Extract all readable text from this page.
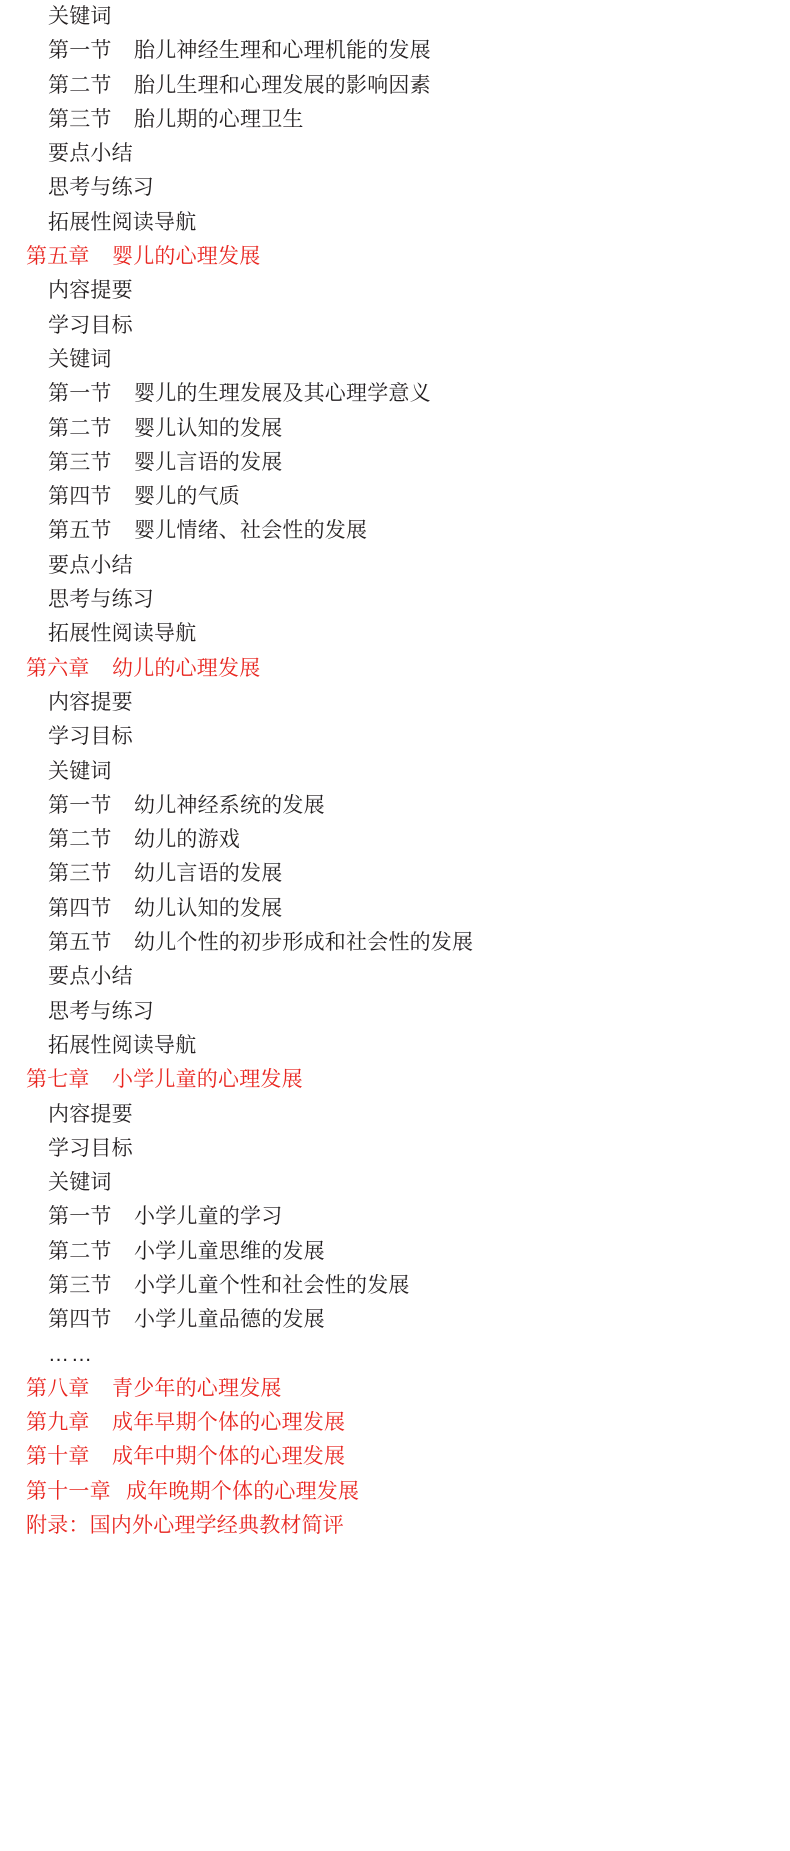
关键词
第一节 胎儿神经生理和心理机能的发展
第二节 胎儿生理和心理发展的影响因素
第三节 胎儿期的心理卫生
要点小结
思考与练习
拓展性阅读导航
第五章 婴儿的心理发展
内容提要
学习目标
关键词
第一节 婴儿的生理发展及其心理学意义
第二节 婴儿认知的发展
第三节 婴儿言语的发展
第四节 婴儿的气质
第五节 婴儿情绪、社会性的发展
要点小结
思考与练习
拓展性阅读导航
第六章 幼儿的心理发展
内容提要
学习目标
关键词
第一节 幼儿神经系统的发展
第二节 幼儿的游戏
第三节 幼儿言语的发展
第四节 幼儿认知的发展
第五节 幼儿个性的初步形成和社会性的发展
要点小结
思考与练习
拓展性阅读导航
第七章 小学儿童的心理发展
内容提要
学习目标
关键词
第一节 小学儿童的学习
第二节 小学儿童思维的发展
第三节 小学儿童个性和社会性的发展
第四节 小学儿童品德的发展
……
第八章 青少年的心理发展
第九章 成年早期个体的心理发展
第十章 成年中期个体的心理发展
第十一章 成年晚期个体的心理发展
附录：国内外心理学经典教材简评
